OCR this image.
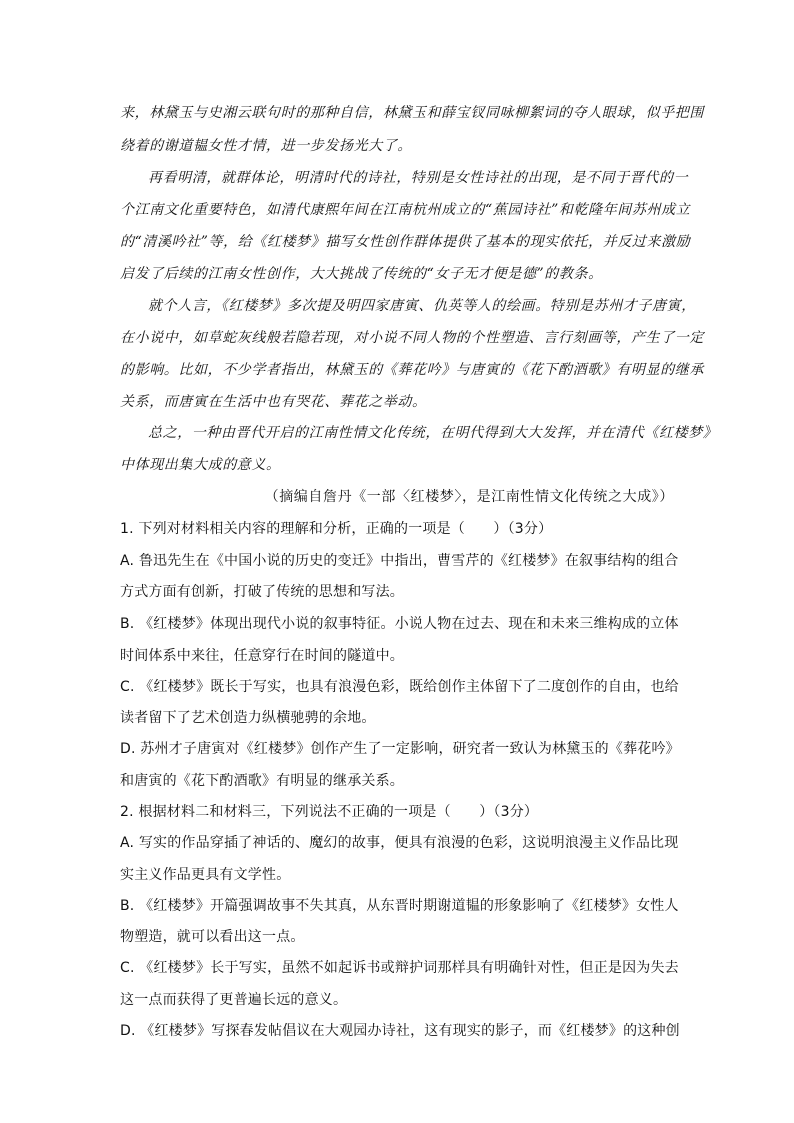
来，林黛玉与史湘云联句时的那种自信，林黛玉和薛宝钗同咏柳絮词的夺人眼球，似乎把围
绕着的谢道韫女性才情，进一步发扬光大了。
再看明清，就群体论，明清时代的诗社，特别是女性诗社的出现，是不同于晋代的一
个江南文化重要特色，如清代康熙年间在江南杭州成立的“蕉园诗社”和乾隆年间苏州成立
的“清溪吟社”等，给《红楼梦》描写女性创作群体提供了基本的现实依托，并反过来激励
启发了后续的江南女性创作，大大挑战了传统的“女子无才便是德”的教条。
就个人言，《红楼梦》多次提及明四家唐寅、仇英等人的绘画。特别是苏州才子唐寅，
在小说中，如草蛇灰线般若隐若现，对小说不同人物的个性塑造、言行刻画等，产生了一定
的影响。比如，不少学者指出，林黛玉的《葬花吟》与唐寅的《花下酌酒歌》有明显的继承
关系，而唐寅在生活中也有哭花、葬花之举动。
总之，一种由晋代开启的江南性情文化传统，在明代得到大大发挥，并在清代《红楼梦》
中体现出集大成的意义。
（摘编自詹丹《一部〈红楼梦〉，是江南性情文化传统之大成》）
1. 下列对材料相关内容的理解和分析，正确的一项是（　　）（3分）
A. 鲁迅先生在《中国小说的历史的变迁》中指出，曹雪芹的《红楼梦》在叙事结构的组合
方式方面有创新，打破了传统的思想和写法。
B. 《红楼梦》体现出现代小说的叙事特征。小说人物在过去、现在和未来三维构成的立体
时间体系中来往，任意穿行在时间的隧道中。
C. 《红楼梦》既长于写实，也具有浪漫色彩，既给创作主体留下了二度创作的自由，也给
读者留下了艺术创造力纵横驰骋的余地。
D. 苏州才子唐寅对《红楼梦》创作产生了一定影响，研究者一致认为林黛玉的《葬花吟》
和唐寅的《花下酌酒歌》有明显的继承关系。
2. 根据材料二和材料三，下列说法不正确的一项是（　　）（3分）
A. 写实的作品穿插了神话的、魔幻的故事，便具有浪漫的色彩，这说明浪漫主义作品比现
实主义作品更具有文学性。
B. 《红楼梦》开篇强调故事不失其真，从东晋时期谢道韫的形象影响了《红楼梦》女性人
物塑造，就可以看出这一点。
C. 《红楼梦》长于写实，虽然不如起诉书或辩护词那样具有明确针对性，但正是因为失去
这一点而获得了更普遍长远的意义。
D. 《红楼梦》写探春发帖倡议在大观园办诗社，这有现实的影子，而《红楼梦》的这种创
